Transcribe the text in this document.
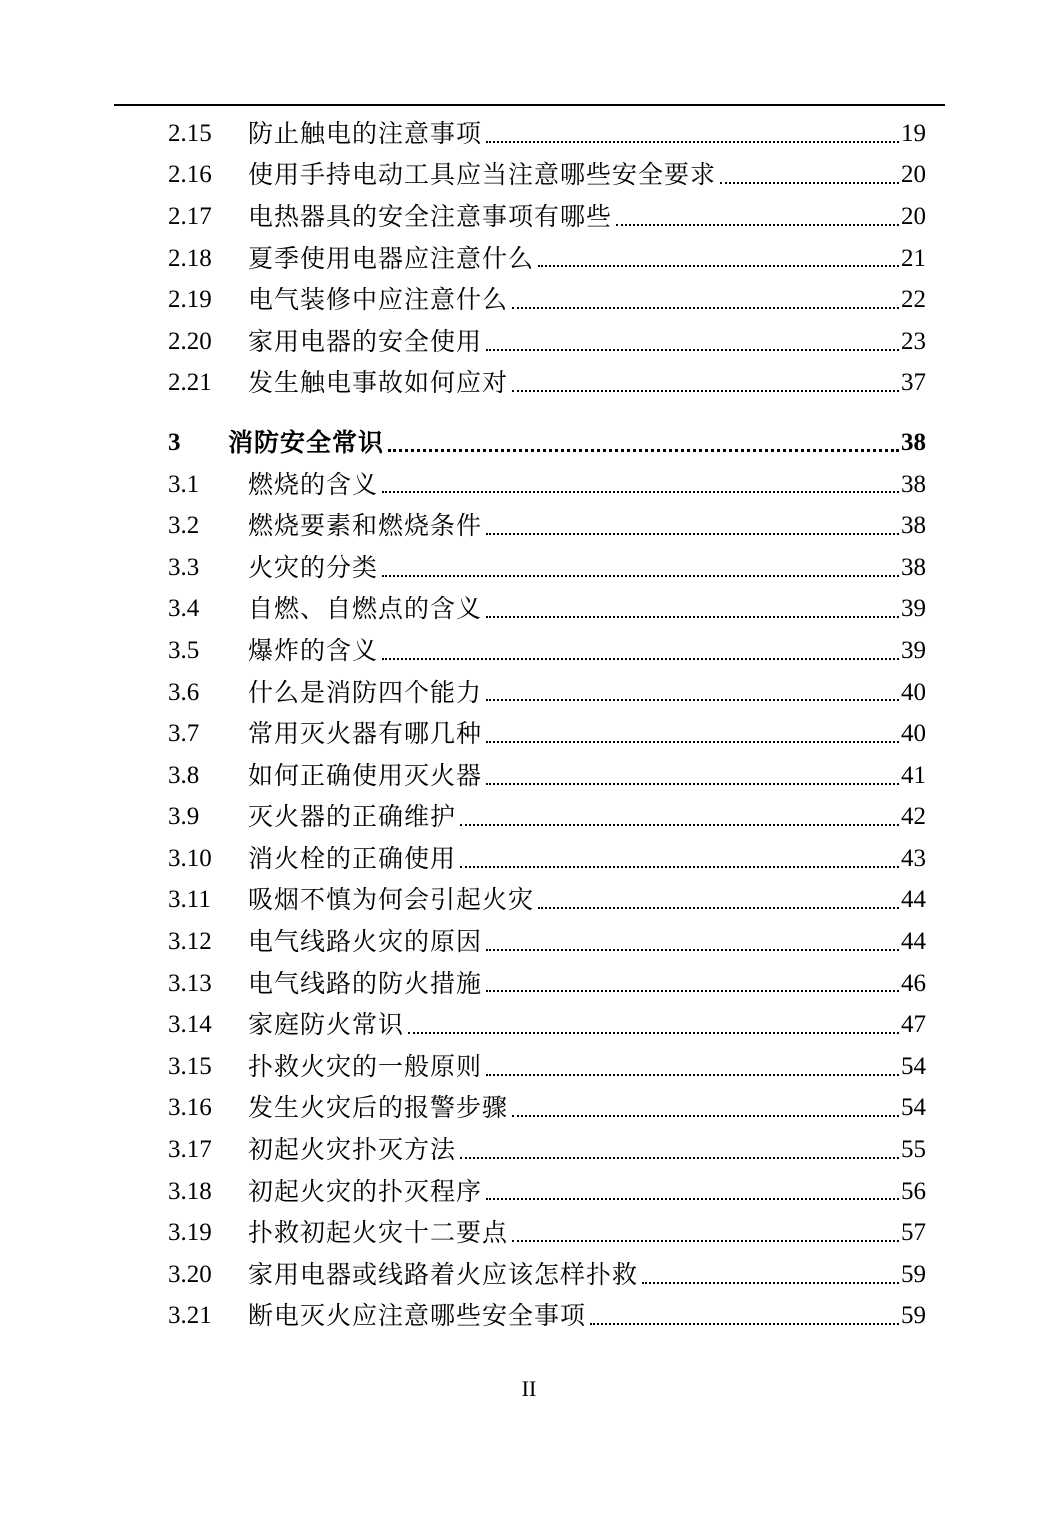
2.15	防止触电的注意事项	19
2.16	使用手持电动工具应当注意哪些安全要求	20
2.17	电热器具的安全注意事项有哪些	20
2.18	夏季使用电器应注意什么	21
2.19	电气装修中应注意什么	22
2.20	家用电器的安全使用	23
2.21	发生触电事故如何应对	37
3	消防安全常识	38
3.1	燃烧的含义	38
3.2	燃烧要素和燃烧条件	38
3.3	火灾的分类	38
3.4	自燃、自燃点的含义	39
3.5	爆炸的含义	39
3.6	什么是消防四个能力	40
3.7	常用灭火器有哪几种	40
3.8	如何正确使用灭火器	41
3.9	灭火器的正确维护	42
3.10	消火栓的正确使用	43
3.11	吸烟不慎为何会引起火灾	44
3.12	电气线路火灾的原因	44
3.13	电气线路的防火措施	46
3.14	家庭防火常识	47
3.15	扑救火灾的一般原则	54
3.16	发生火灾后的报警步骤	54
3.17	初起火灾扑灭方法	55
3.18	初起火灾的扑灭程序	56
3.19	扑救初起火灾十二要点	57
3.20	家用电器或线路着火应该怎样扑救	59
3.21	断电灭火应注意哪些安全事项	59
II
